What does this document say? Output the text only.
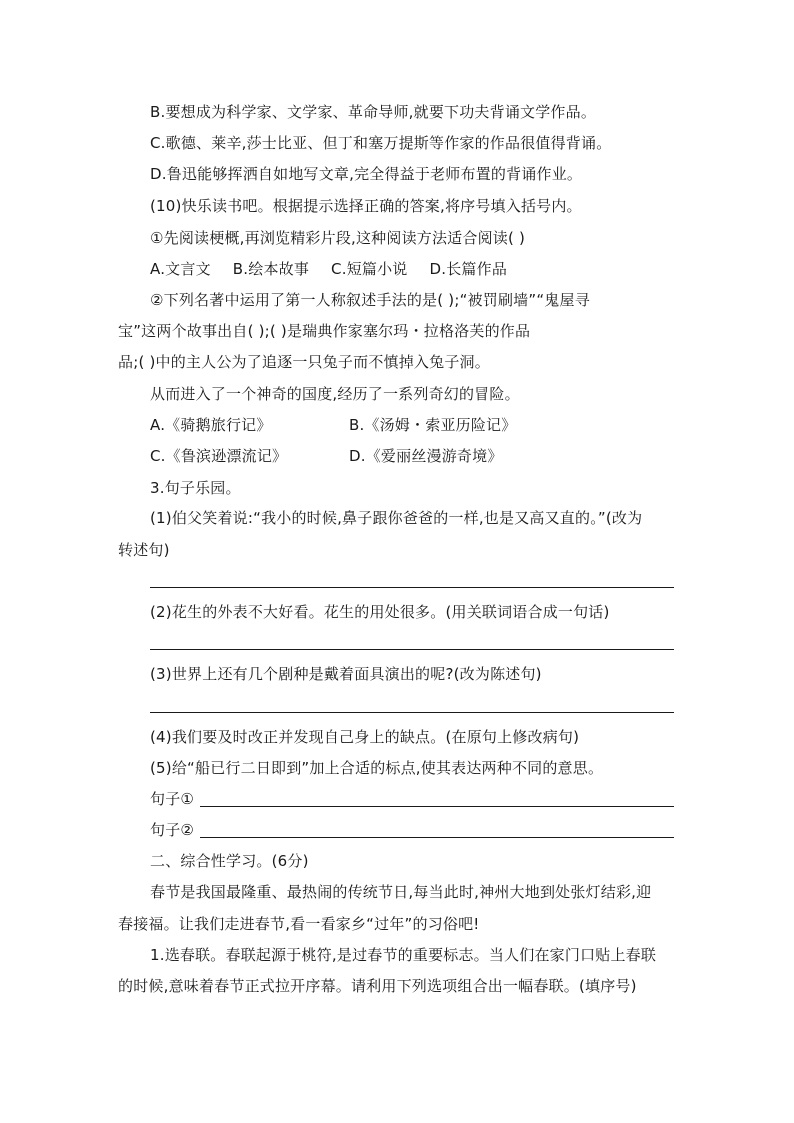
B.要想成为科学家、文学家、革命导师,就要下功夫背诵文学作品。
C.歌德、莱辛,莎士比亚、但丁和塞万提斯等作家的作品很值得背诵。
D.鲁迅能够挥洒自如地写文章,完全得益于老师布置的背诵作业。
(10)快乐读书吧。根据提示选择正确的答案,将序号填入括号内。
①先阅读梗概,再浏览精彩片段,这种阅读方法适合阅读( )
A.文言文 B.绘本故事 C.短篇小说 D.长篇作品
②下列名著中运用了第一人称叙述手法的是( );“被罚刷墙”“鬼屋寻
宝”这两个故事出自( );( )是瑞典作家塞尔玛・拉格洛芙的作品
品;( )中的主人公为了追逐一只兔子而不慎掉入兔子洞。
从而进入了一个神奇的国度,经历了一系列奇幻的冒险。
A.《骑鹅旅行记》	B.《汤姆・索亚历险记》
C.《鲁滨逊漂流记》	D.《爱丽丝漫游奇境》
3.句子乐园。
(1)伯父笑着说:“我小的时候,鼻子跟你爸爸的一样,也是又高又直的。”(改为
转述句)
(2)花生的外表不大好看。花生的用处很多。(用关联词语合成一句话)
(3)世界上还有几个剧种是戴着面具演出的呢?(改为陈述句)
(4)我们要及时改正并发现自己身上的缺点。(在原句上修改病句)
(5)给“船已行二日即到”加上合适的标点,使其表达两种不同的意思。
句子①
句子②
二、综合性学习。(6分)
春节是我国最隆重、最热闹的传统节日,每当此时,神州大地到处张灯结彩,迎
春接福。让我们走进春节,看一看家乡“过年”的习俗吧!
1.选春联。春联起源于桃符,是过春节的重要标志。当人们在家门口贴上春联
的时候,意味着春节正式拉开序幕。请利用下列选项组合出一幅春联。(填序号)
